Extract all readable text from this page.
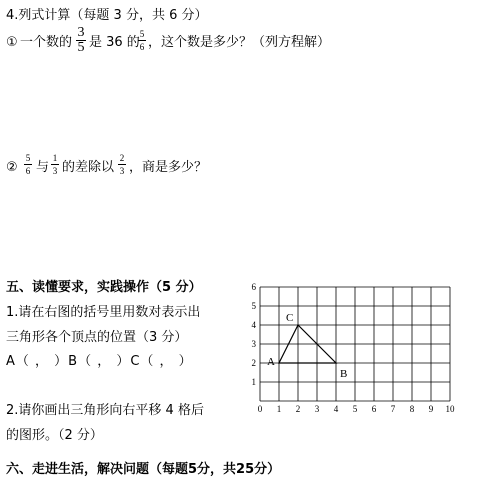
4.列式计算（每题 3 分，共 6 分）
① 一个数的
3
5 是 36 的
5
6 ，这个数是多少？（列方程解）
②
5
6 与
1
3 的差除以
2
3 ，商是多少？
五、读懂要求，实践操作（5 分）
1.请在右图的括号里用数对表示出
三角形各个顶点的位置（3 分）
A（ ， ）B（ ， ）C（ ， ）
2.请你画出三角形向右平移 4 格后
的图形。（2 分）
0 1 2 3 4 5 6 7 8 9 10
1
2
3
4
5
6
A
B
C
六、走进生活，解决问题（每题5分，共25分）
